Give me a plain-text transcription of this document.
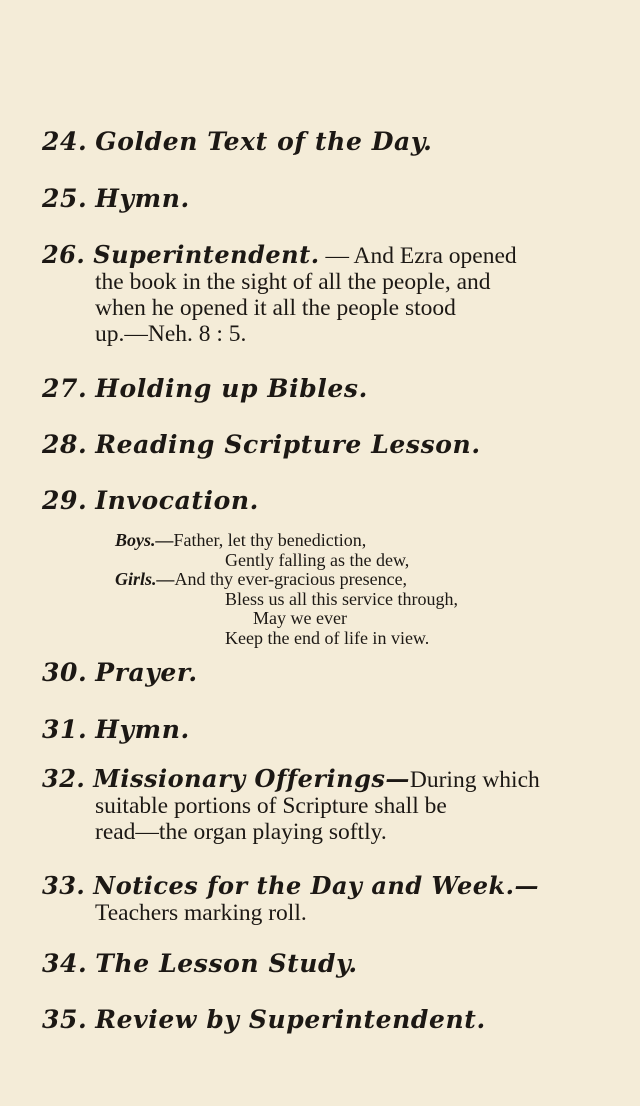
24. Golden Text of the Day.
25. Hymn.
26. Superintendent. — And Ezra opened
the book in the sight of all the people, and
when he opened it all the people stood
up.—Neh. 8 : 5.
27. Holding up Bibles.
28. Reading Scripture Lesson.
29. Invocation.
Boys.—Father, let thy benediction,
Gently falling as the dew,
Girls.—And thy ever-gracious presence,
Bless us all this service through,
May we ever
Keep the end of life in view.
30. Prayer.
31. Hymn.
32. Missionary Offerings—During which
suitable portions of Scripture shall be
read—the organ playing softly.
33. Notices for the Day and Week.—
Teachers marking roll.
34. The Lesson Study.
35. Review by Superintendent.
